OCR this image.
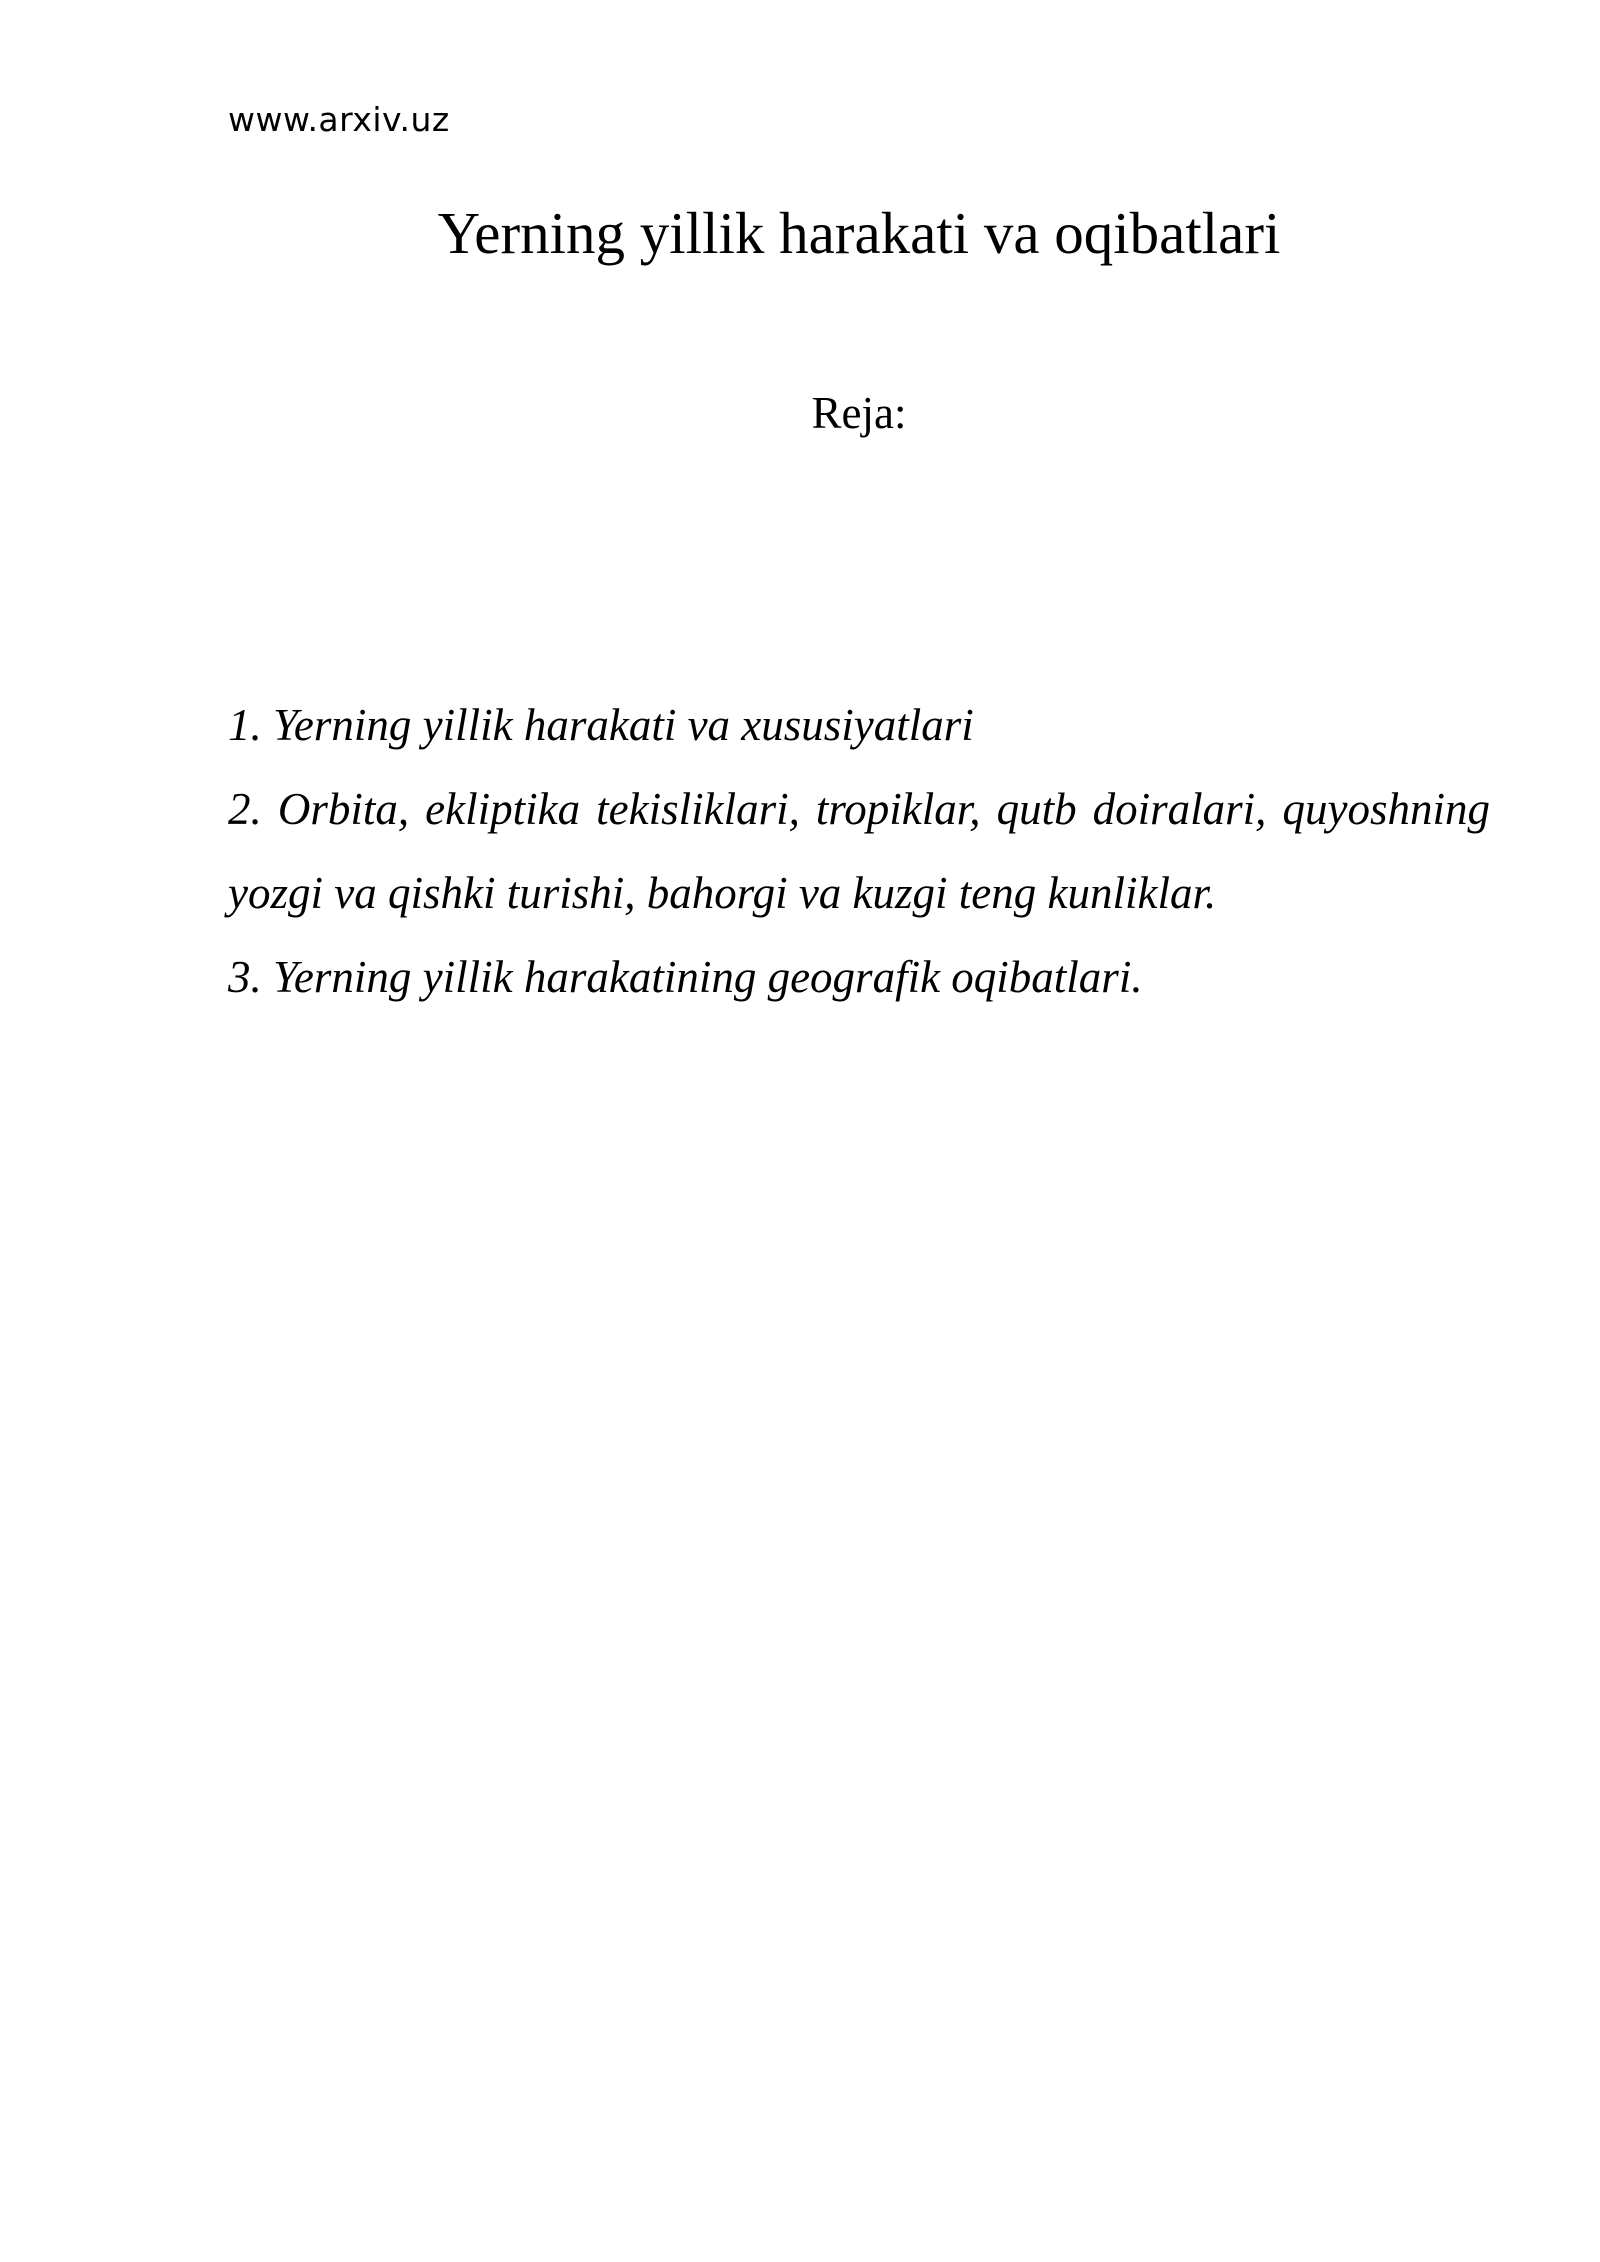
www.arxiv.uz
Yerning yillik harakati va oqibatlari
Reja:
1. Yerning yillik harakati va xususiyatlari
2. Orbita, ekliptika tekisliklari, tropiklar, qutb doiralari, quyoshning yozgi va qishki turishi, bahorgi va kuzgi teng kunliklar.
3. Yerning yillik harakatining geografik oqibatlari.
